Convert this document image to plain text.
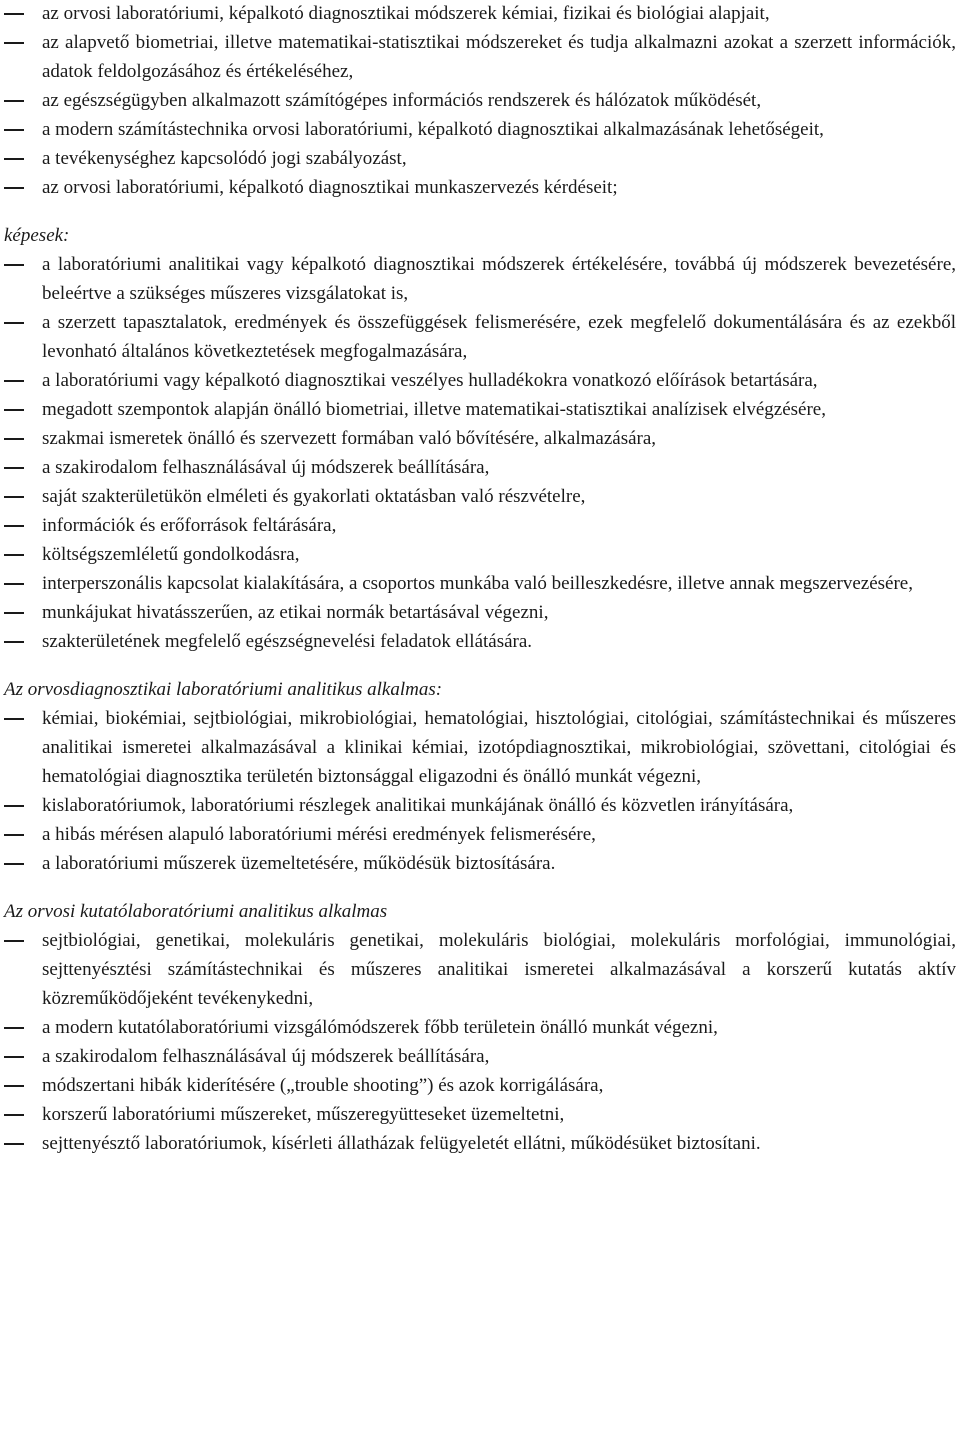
az orvosi laboratóriumi, képalkotó diagnosztikai módszerek kémiai, fizikai és biológiai alapjait,
az alapvető biometriai, illetve matematikai-statisztikai módszereket és tudja alkalmazni azokat a szerzett információk, adatok feldolgozásához és értékeléséhez,
az egészségügyben alkalmazott számítógépes információs rendszerek és hálózatok működését,
a modern számítástechnika orvosi laboratóriumi, képalkotó diagnosztikai alkalmazásának lehetőségeit,
a tevékenységhez kapcsolódó jogi szabályozást,
az orvosi laboratóriumi, képalkotó diagnosztikai munkaszervezés kérdéseit;
képesek:
a laboratóriumi analitikai vagy képalkotó diagnosztikai módszerek értékelésére, továbbá új módszerek bevezetésére, beleértve a szükséges műszeres vizsgálatokat is,
a szerzett tapasztalatok, eredmények és összefüggések felismerésére, ezek megfelelő dokumentálására és az ezekből levonható általános következtetések megfogalmazására,
a laboratóriumi vagy képalkotó diagnosztikai veszélyes hulladékokra vonatkozó előírások betartására,
megadott szempontok alapján önálló biometriai, illetve matematikai-statisztikai analízisek elvégzésére,
szakmai ismeretek önálló és szervezett formában való bővítésére, alkalmazására,
a szakirodalom felhasználásával új módszerek beállítására,
saját szakterületükön elméleti és gyakorlati oktatásban való részvételre,
információk és erőforrások feltárására,
költségszemléletű gondolkodásra,
interperszonális kapcsolat kialakítására, a csoportos munkába való beilleszkedésre, illetve annak megszervezésére,
munkájukat hivatásszerűen, az etikai normák betartásával végezni,
szakterületének megfelelő egészségnevelési feladatok ellátására.
Az orvosdiagnosztikai laboratóriumi analitikus alkalmas:
kémiai, biokémiai, sejtbiológiai, mikrobiológiai, hematológiai, hisztológiai, citológiai, számítástechnikai és műszeres analitikai ismeretei alkalmazásával a klinikai kémiai, izotópdiagnosztikai, mikrobiológiai, szövettani, citológiai és hematológiai diagnosztika területén biztonsággal eligazodni és önálló munkát végezni,
kislaboratóriumok, laboratóriumi részlegek analitikai munkájának önálló és közvetlen irányítására,
a hibás mérésen alapuló laboratóriumi mérési eredmények felismerésére,
a laboratóriumi műszerek üzemeltetésére, működésük biztosítására.
Az orvosi kutatólaboratóriumi analitikus alkalmas
sejtbiológiai, genetikai, molekuláris genetikai, molekuláris biológiai, molekuláris morfológiai, immunológiai, sejttenyésztési számítástechnikai és műszeres analitikai ismeretei alkalmazásával a korszerű kutatás aktív közreműködőjeként tevékenykedni,
a modern kutatólaboratóriumi vizsgálómódszerek főbb területein önálló munkát végezni,
a szakirodalom felhasználásával új módszerek beállítására,
módszertani hibák kiderítésére („trouble shooting”) és azok korrigálására,
korszerű laboratóriumi műszereket, műszeregyütteseket üzemeltetni,
sejttenyésztő laboratóriumok, kísérleti állatházak felügyeletét ellátni, működésüket biztosítani.
